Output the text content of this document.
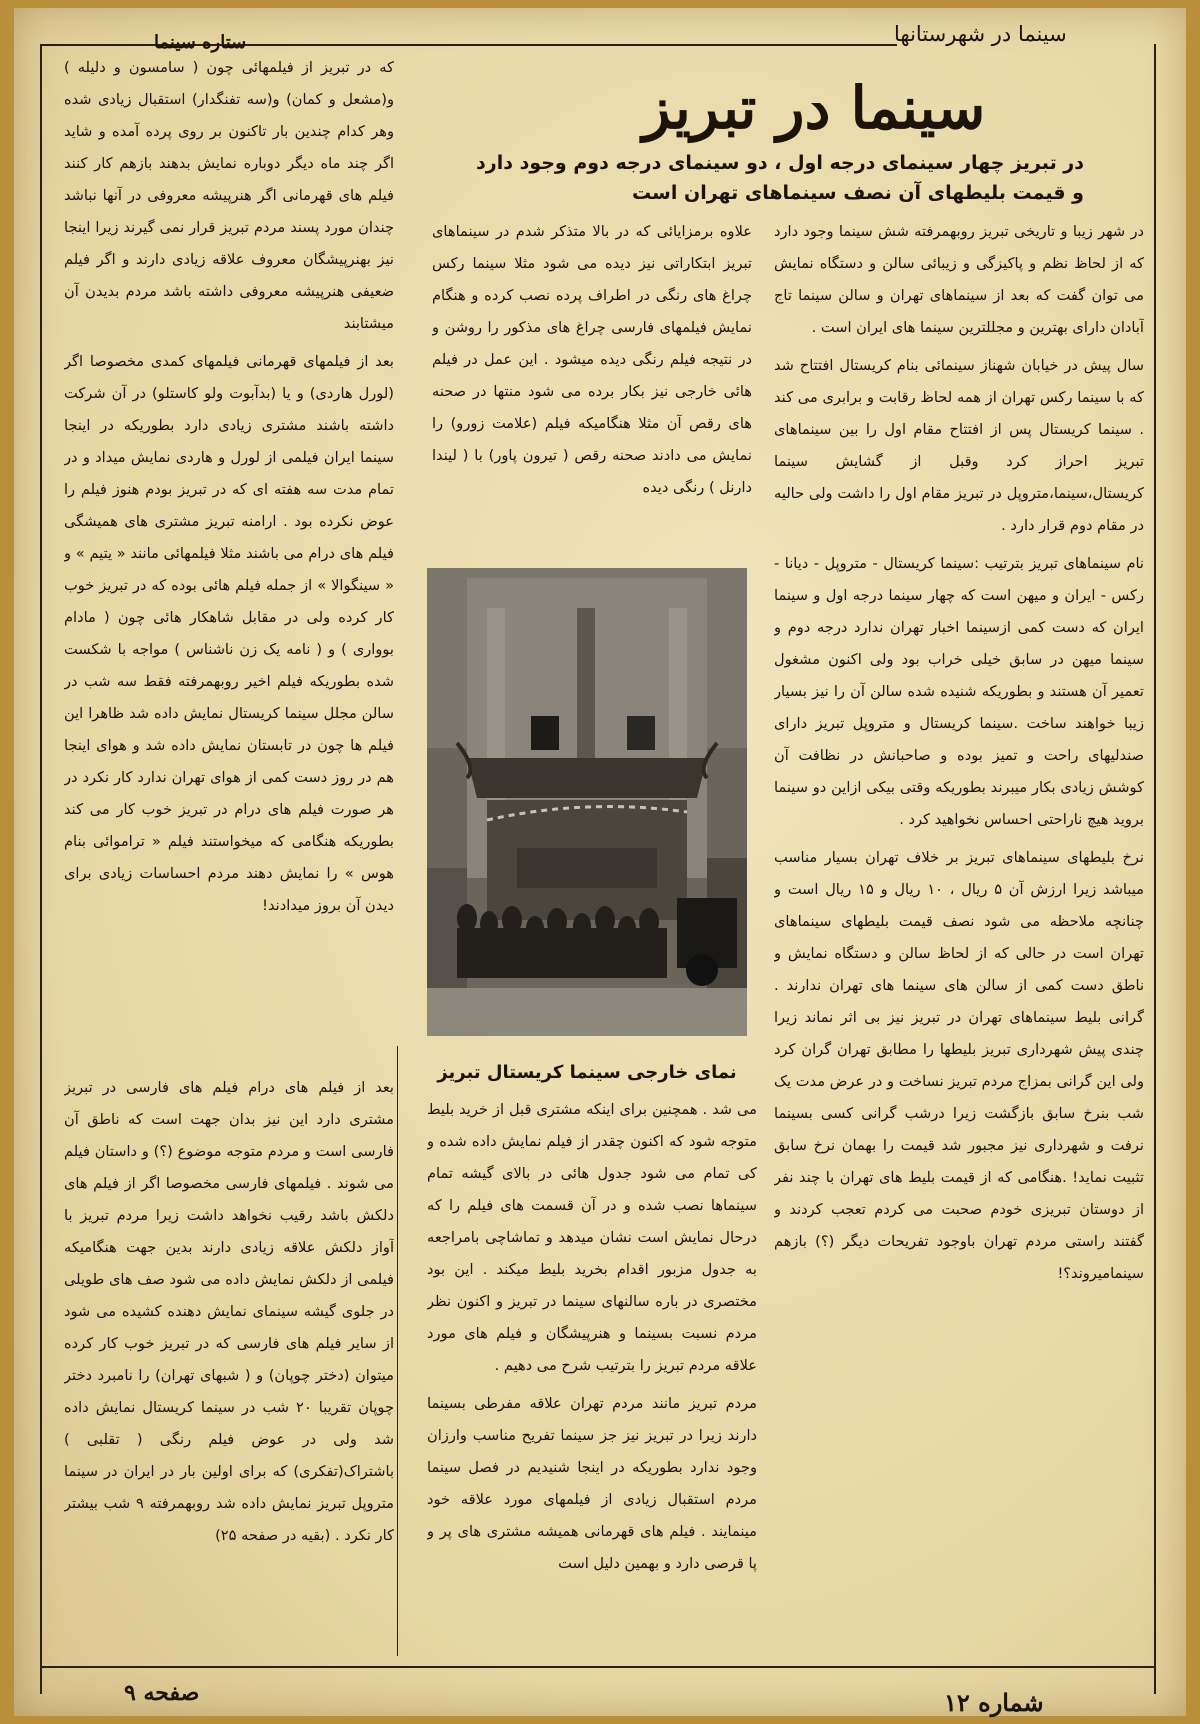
سینما در شهرستانها
ستاره سینما
سینما در تبریز
در تبریز چهار سینمای درجه اول ، دو سینمای درجه دوم وجود دارد و قیمت بلیطهای آن نصف سینماهای تهران است

در شهر زیبا و تاریخی تبریز روبهمرفته شش سینما وجود دارد که از لحاظ نظم و پاکیزگی و زیبائی سالن و دستگاه نمایش می توان گفت که بعد از سینماهای تهران و سالن سینما تاج آبادان دارای بهترین و مجللترین سینما های ایران است .

سال پیش در خیابان شهناز سینمائی بنام کریستال افتتاح شد که با سینما رکس تهران از همه لحاظ رقابت و برابری می کند . سینما کریستال پس از افتتاح مقام اول را بین سینماهای تبریز احراز کرد وقبل از گشایش سینما کریستال،سینما،متروپل در تبریز مقام اول را داشت ولی حالیه در مقام دوم قرار دارد .

نام سینماهای تبریز بترتیب :سینما کریستال - متروپل - دیانا - رکس - ایران و میهن است که چهار سینما درجه اول و سینما ایران که دست کمی ازسینما اخبار تهران ندارد درجه دوم و سینما میهن در سابق خیلی خراب بود ولی اکنون مشغول تعمیر آن هستند و بطوریکه شنیده شده سالن آن را نیز بسیار زیبا خواهند ساخت .سینما کریستال و متروپل تبریز دارای صندلیهای راحت و تمیز بوده و صاحبانش در نظافت آن کوشش زیادی بکار میبرند بطوریکه وقتی بیکی ازاین دو سینما بروید هیچ ناراحتی احساس نخواهید کرد .

نرخ بلیطهای سینماهای تبریز بر خلاف تهران بسیار مناسب میباشد زیرا ارزش آن ۵ ریال ، ۱۰ ریال و ۱۵ ریال است و چنانچه ملاحظه می شود نصف قیمت بلیطهای سینماهای تهران است در حالی که از لحاظ سالن و دستگاه نمایش و ناطق دست کمی از سالن های سینما های تهران ندارند . گرانی بلیط سینماهای تهران در تبریز نیز بی اثر نماند زیرا چندی پیش شهرداری تبریز بلیطها را مطابق تهران گران کرد ولی این گرانی بمزاج مردم تبریز نساخت و در عرض مدت یک شب بنرخ سابق بازگشت زیرا درشب گرانی کسی بسینما نرفت و شهرداری نیز مجبور شد قیمت را بهمان نرخ سابق تثبیت نماید! .هنگامی که از قیمت بلیط های تهران با چند نفر از دوستان تبریزی خودم صحبت می کردم تعجب کردند و گفتند راستی مردم تهران باوجود تفریحات دیگر (؟) بازهم سینمامیروند؟!

علاوه برمزایائی که در بالا متذکر شدم در سینماهای تبریز ابتکاراتی نیز دیده می شود مثلا سینما رکس چراغ های رنگی در اطراف پرده نصب کرده و هنگام نمایش فیلمهای فارسی چراغ های مذکور را روشن و در نتیجه فیلم رنگی دیده میشود . این عمل در فیلم هائی خارجی نیز بکار برده می شود منتها در صحنه های رقص آن مثلا هنگامیکه فیلم (علامت زورو) را نمایش می دادند صحنه رقص ( تیرون پاور) با ( لیندا دارنل ) رنگی دیده

نمای خارجی سینما کریستال تبریز

می شد . همچنین برای اینکه مشتری قبل از خرید بلیط متوجه شود که اکنون چقدر از فیلم نمایش داده شده و کی تمام می شود جدول هائی در بالای گیشه تمام سینماها نصب شده و در آن قسمت های فیلم را که درحال نمایش است نشان میدهد و تماشاچی بامراجعه به جدول مزبور اقدام بخرید بلیط میکند . این بود مختصری در باره سالنهای سینما در تبریز و اکنون نظر مردم نسبت بسینما و هنرپیشگان و فیلم های مورد علاقه مردم تبریز را بترتیب شرح می دهیم .

مردم تبریز مانند مردم تهران علاقه مفرطی بسینما دارند زیرا در تبریز نیز جز سینما تفریح مناسب وارزان وجود ندارد بطوریکه در اینجا شنیدیم در فصل سینما مردم استقبال زیادی از فیلمهای مورد علاقه خود مینمایند . فیلم های قهرمانی همیشه مشتری های پر و پا قرصی دارد و بهمین دلیل است

که در تبریز از فیلمهائی چون ( سامسون و دلیله ) و(مشعل و کمان) و(سه تفنگدار) استقبال زیادی شده وهر کدام چندین بار تاکنون بر روی پرده آمده و شاید اگر چند ماه دیگر دوباره نمایش بدهند بازهم کار کنند فیلم های قهرمانی اگر هنرپیشه معروفی در آنها نباشد چندان مورد پسند مردم تبریز قرار نمی گیرند زیرا اینجا نیز بهنرپیشگان معروف علاقه زیادی دارند و اگر فیلم ضعیفی هنرپیشه معروفی داشته باشد مردم بدیدن آن میشتابند

بعد از فیلمهای قهرمانی فیلمهای کمدی مخصوصا اگر (لورل هاردی) و یا (بدآبوت ولو کاستلو) در آن شرکت داشته باشند مشتری زیادی دارد بطوریکه در اینجا سینما ایران فیلمی از لورل و هاردی نمایش میداد و در تمام مدت سه هفته ای که در تبریز بودم هنوز فیلم را عوض نکرده بود . ارامنه تبریز مشتری های همیشگی فیلم های درام می باشند مثلا فیلمهائی مانند « یتیم » و « سینگوالا » از جمله فیلم هائی بوده که در تبریز خوب کار کرده ولی در مقابل شاهکار هائی چون ( مادام بوواری ) و ( نامه یک زن ناشناس ) مواجه با شکست شده بطوریکه فیلم اخیر روبهمرفته فقط سه شب در سالن مجلل سینما کریستال نمایش داده شد ظاهرا این فیلم ها چون در تابستان نمایش داده شد و هوای اینجا هم در روز دست کمی از هوای تهران ندارد کار نکرد در هر صورت فیلم های درام در تبریز خوب کار می کند بطوریکه هنگامی که میخواستند فیلم « تراموائی بنام هوس » را نمایش دهند مردم احساسات زیادی برای دیدن آن بروز میدادند!

بعد از فیلم های درام فیلم های فارسی در تبریز مشتری دارد این نیز بدان جهت است که ناطق آن فارسی است و مردم متوجه موضوع (؟) و داستان فیلم می شوند . فیلمهای فارسی مخصوصا اگر از فیلم های دلکش باشد رقیب نخواهد داشت زیرا مردم تبریز با آواز دلکش علاقه زیادی دارند بدین جهت هنگامیکه فیلمی از دلکش نمایش داده می شود صف های طویلی در جلوی گیشه سینمای نمایش دهنده کشیده می شود از سایر فیلم های فارسی که در تبریز خوب کار کرده میتوان (دختر چوپان) و ( شبهای تهران) را نامبرد دختر چوپان تقریبا ۲۰ شب در سینما کریستال نمایش داده شد ولی در عوض فیلم رنگی ( تقلبی ) باشتراک(تفکری) که برای اولین بار در ایران در سینما متروپل تبریز نمایش داده شد روبهمرفته ۹ شب بیشتر کار نکرد . (بقیه در صفحه ۲۵)

صفحه ۹	شماره ۱۲
